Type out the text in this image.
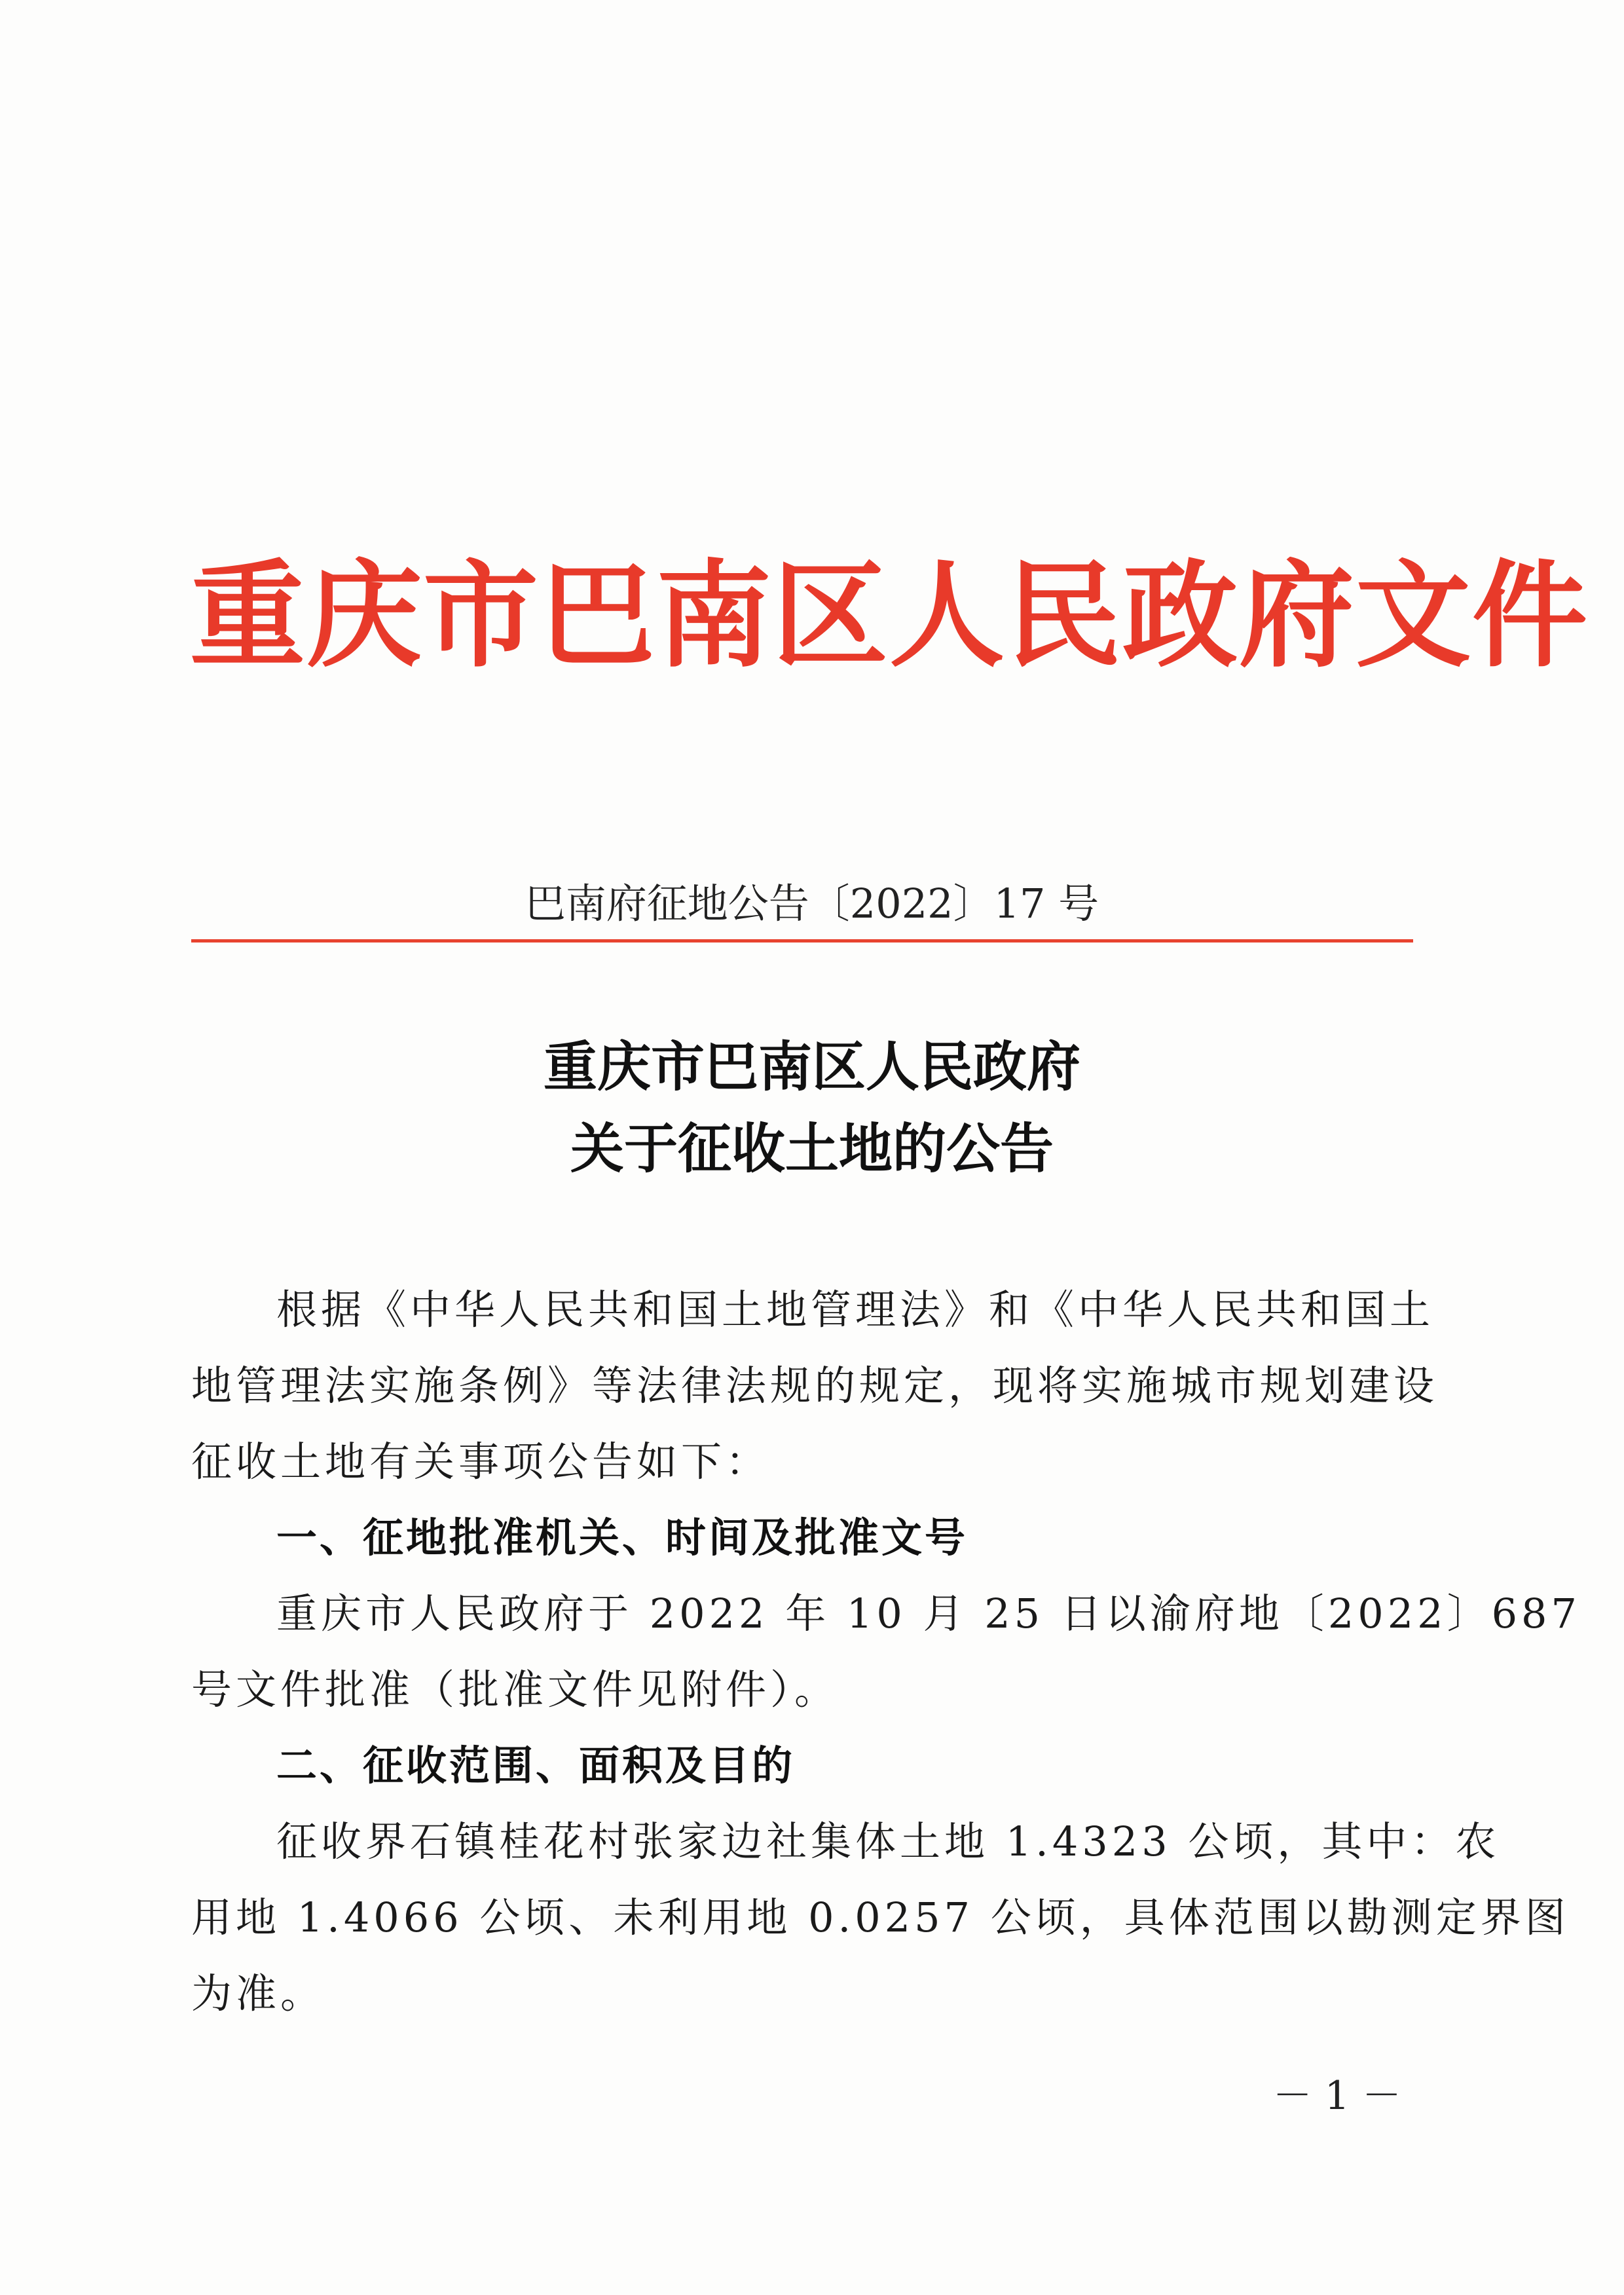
重庆市巴南区人民政府文件
巴南府征地公告〔2022〕17 号
重庆市巴南区人民政府
关于征收土地的公告
根据《中华人民共和国土地管理法》和《中华人民共和国土
地管理法实施条例》等法律法规的规定，现将实施城市规划建设
征收土地有关事项公告如下：
一、征地批准机关、时间及批准文号
重庆市人民政府于 2022 年 10 月 25 日以渝府地〔2022〕687
号文件批准（批准文件见附件）。
二、征收范围、面积及目的
征收界石镇桂花村张家边社集体土地 1.4323 公顷，其中：农
用地 1.4066 公顷、未利用地 0.0257 公顷，具体范围以勘测定界图
为准。
－ 1 －
